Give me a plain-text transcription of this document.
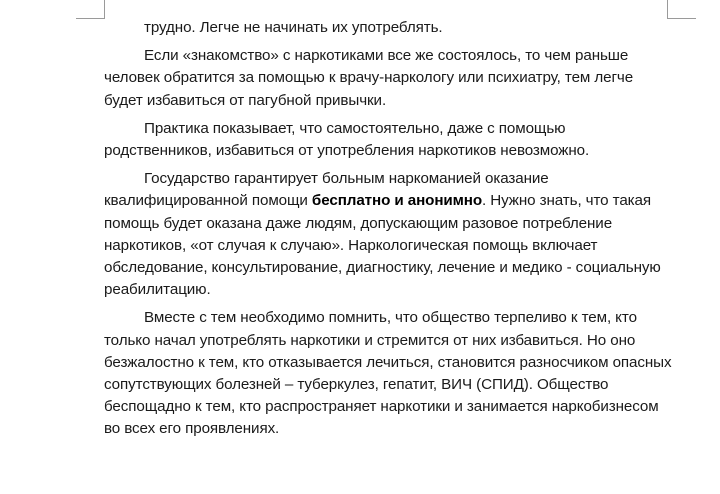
трудно. Легче не начинать их употреблять.

Если «знакомство» с наркотиками все же состоялось, то чем раньше человек обратится за помощью к врачу-наркологу или психиатру, тем легче будет избавиться от пагубной привычки.

Практика показывает, что самостоятельно, даже с помощью родственников, избавиться от употребления наркотиков невозможно.

Государство гарантирует больным наркоманией оказание квалифицированной помощи бесплатно и анонимно. Нужно знать, что такая помощь будет оказана даже людям, допускающим разовое потребление наркотиков, «от случая к случаю». Наркологическая помощь включает обследование, консультирование, диагностику, лечение и медико - социальную реабилитацию.

Вместе с тем необходимо помнить, что общество терпеливо к тем, кто только начал употреблять наркотики и стремится от них избавиться. Но оно безжалостно к тем, кто отказывается лечиться, становится разносчиком опасных сопутствующих болезней – туберкулез, гепатит, ВИЧ (СПИД). Общество беспощадно к тем, кто распространяет наркотики и занимается наркобизнесом во всех его проявлениях.
